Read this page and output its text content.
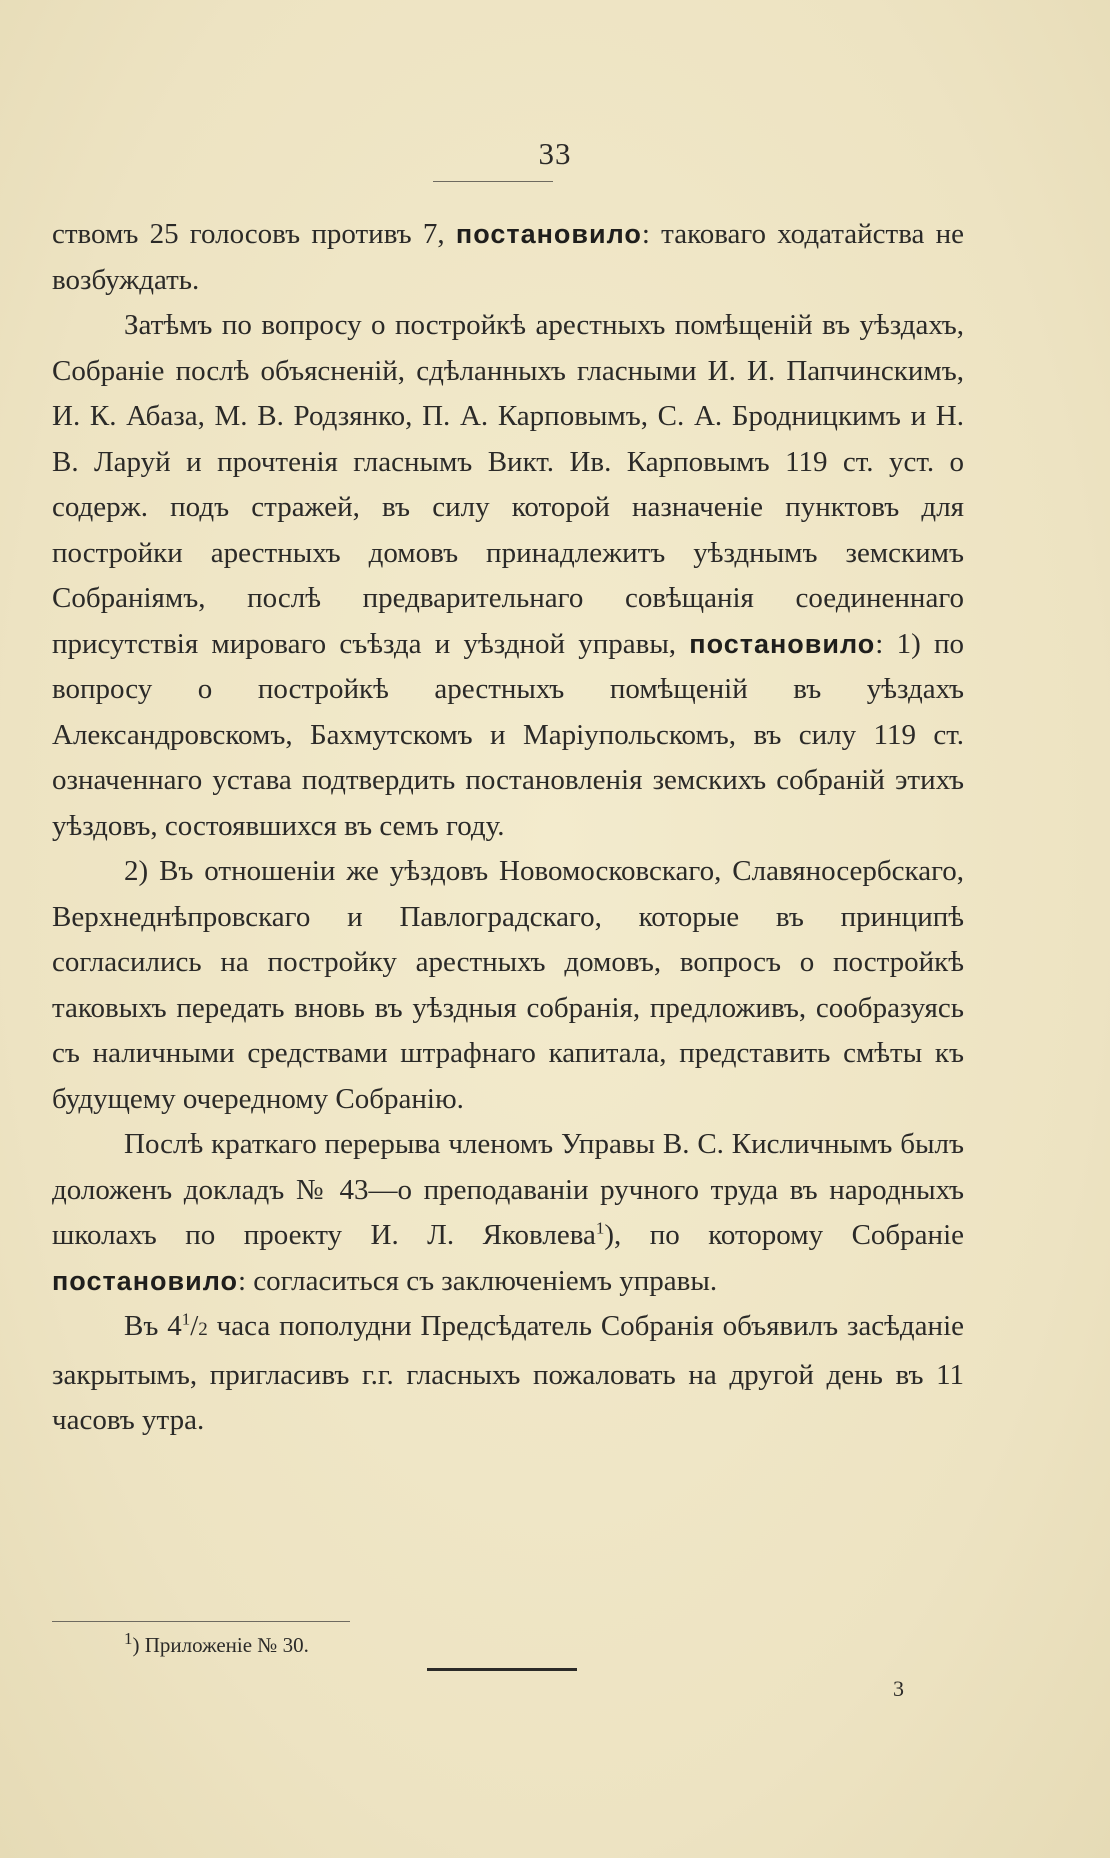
33

ствомъ 25 голосовъ противъ 7, постановило: таковаго ходатайства не возбуждать.

Затѣмъ по вопросу о постройкѣ арестныхъ помѣщеній въ уѣздахъ, Собраніе послѣ объясненій, сдѣланныхъ гласными И. И. Папчинскимъ, И. К. Абаза, М. В. Родзянко, П. А. Карповымъ, С. А. Бродницкимъ и Н. В. Ларуй и прочтенія гласнымъ Викт. Ив. Карповымъ 119 ст. уст. о содерж. подъ стражей, въ силу которой назначеніе пунктовъ для постройки арестныхъ домовъ принадлежитъ уѣзднымъ земскимъ Собраніямъ, послѣ предварительнаго совѣщанія соединеннаго присутствія мироваго съѣзда и уѣздной управы, постановило: 1) по вопросу о постройкѣ арестныхъ помѣщеній въ уѣздахъ Александровскомъ, Бахмутскомъ и Маріупольскомъ, въ силу 119 ст. означеннаго устава подтвердить постановленія земскихъ собраній этихъ уѣздовъ, состоявшихся въ семъ году.

2) Въ отношеніи же уѣздовъ Новомосковскаго, Славяносербскаго, Верхнеднѣпровскаго и Павлоградскаго, которые въ принципѣ согласились на постройку арестныхъ домовъ, вопросъ о постройкѣ таковыхъ передать вновь въ уѣздныя собранія, предложивъ, сообразуясь съ наличными средствами штрафнаго капитала, представить смѣты къ будущему очередному Собранію.

Послѣ краткаго перерыва членомъ Управы В. С. Кисличнымъ былъ доложенъ докладъ № 43—о преподаваніи ручного труда въ народныхъ школахъ по проекту И. Л. Яковлева$^1$), по которому Собраніе постановило: согласиться съ заключеніемъ управы.

Въ $4^1/2$ часа пополудни Предсѣдатель Собранія объявилъ засѣданіе закрытымъ, пригласивъ г.г. гласныхъ пожаловать на другой день въ 11 часовъ утра.

$^1$) Приложеніе № 30.
3
